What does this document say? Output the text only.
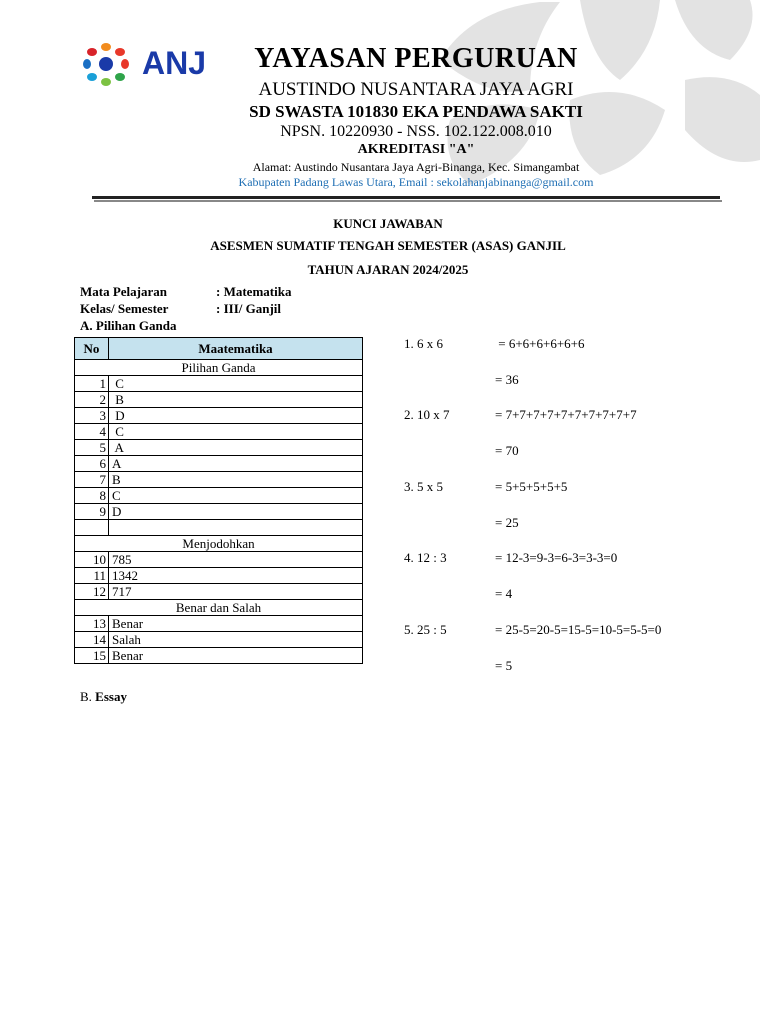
ANJ	YAYASAN PERGURUAN
AUSTINDO NUSANTARA JAYA AGRI
SD SWASTA 101830 EKA PENDAWA SAKTI
NPSN. 10220930 - NSS. 102.122.008.010
AKREDITASI "A"
Alamat: Austindo Nusantara Jaya Agri-Binanga, Kec. Simangambat
Kabupaten Padang Lawas Utara, Email : sekolahanjabinanga@gmail.com
KUNCI JAWABAN
ASESMEN SUMATIF TENGAH SEMESTER (ASAS) GANJIL
TAHUN AJARAN 2024/2025
Mata Pelajaran	: Matematika
Kelas/ Semester	: III/ Ganjil
A. Pilihan Ganda
No	Maatematika
Pilihan Ganda	
1	C
2	B
3	D
4	C
5	A
6	A
7	B
8	C
9	D

Menjodohkan	
10	785
11	1342
12	717
Benar dan Salah	
13	Benar
14	Salah
15	Benar
1. 6 x 6	= 6+6+6+6+6+6
= 36
2. 10 x 7	= 7+7+7+7+7+7+7+7+7+7
= 70
3. 5 x 5	= 5+5+5+5+5
= 25
4. 12 : 3	= 12-3=9-3=6-3=3-3=0
= 4
5. 25 : 5	= 25-5=20-5=15-5=10-5=5-5=0
= 5
B. Essay
